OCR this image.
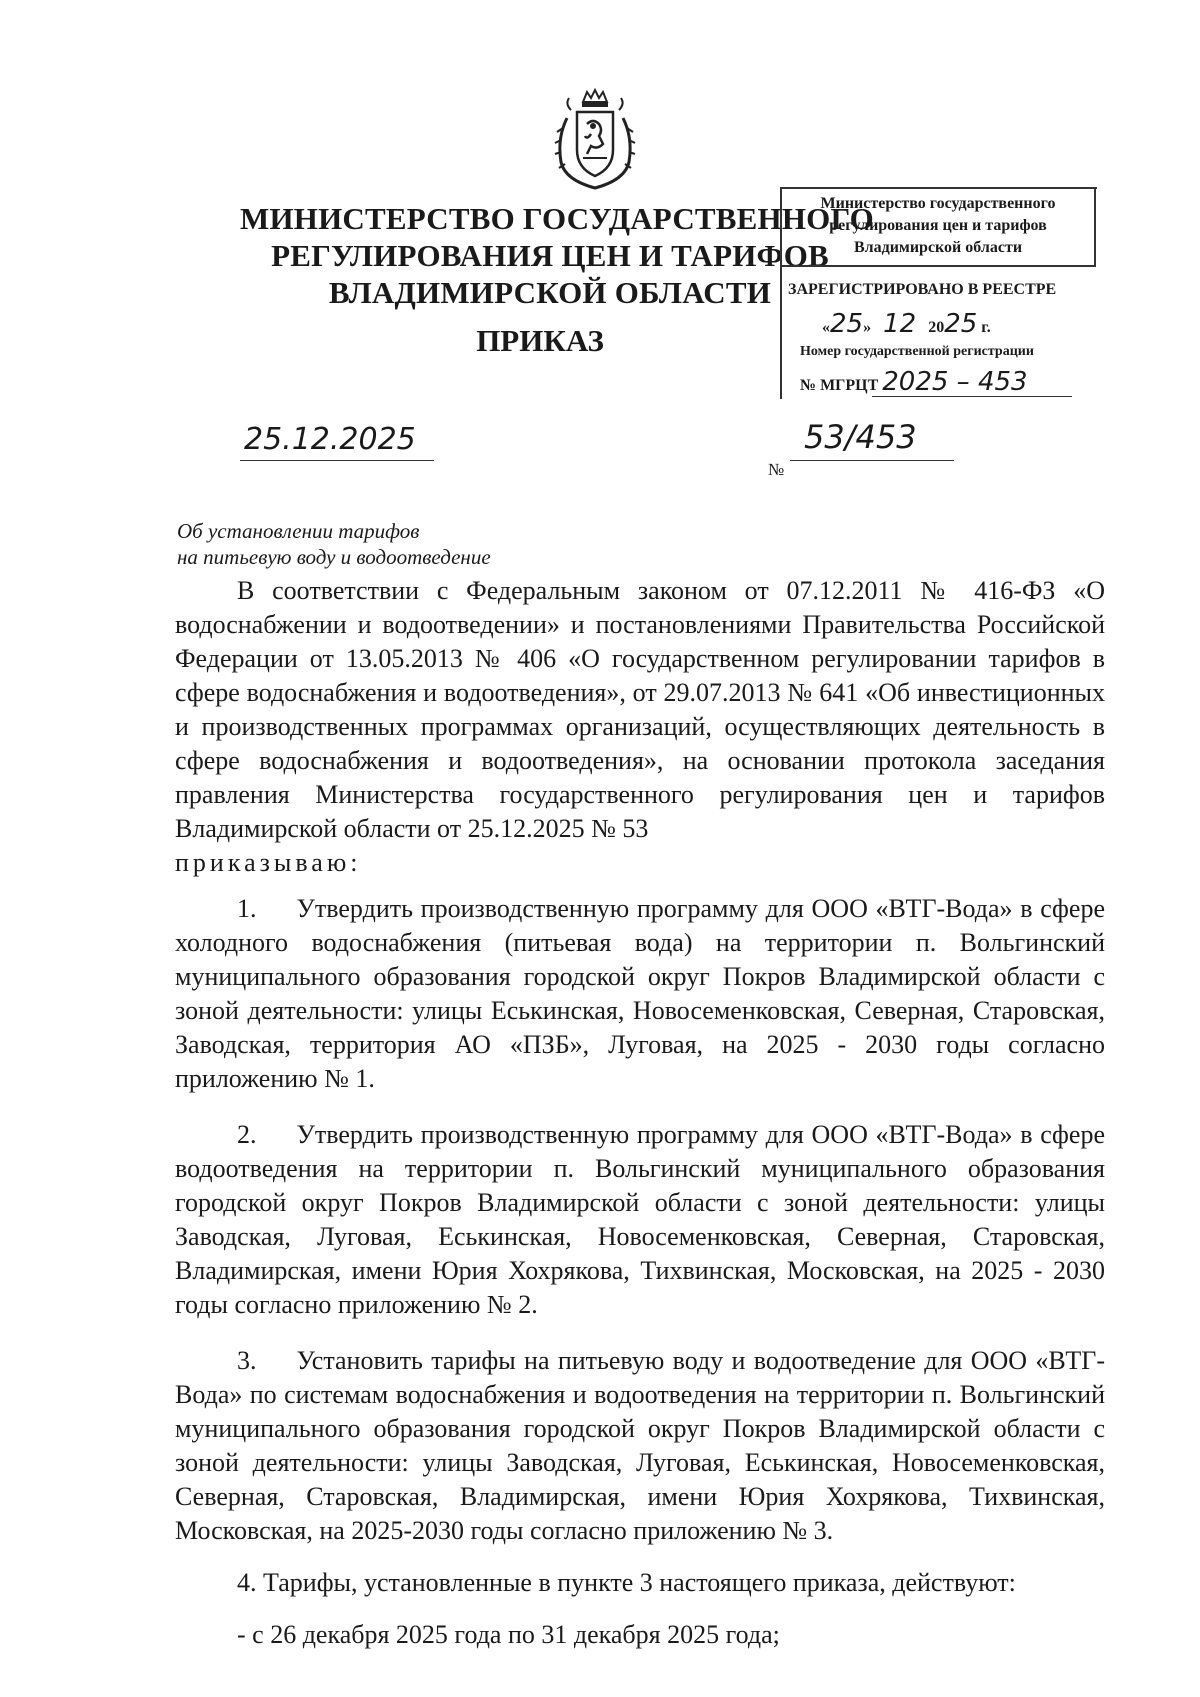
МИНИСТЕРСТВО ГОСУДАРСТВЕННОГО
РЕГУЛИРОВАНИЯ ЦЕН И ТАРИФОВ
ВЛАДИМИРСКОЙ ОБЛАСТИ
ПРИКАЗ
Министерство государственного
регулирования цен и тарифов
Владимирской области
ЗАРЕГИСТРИРОВАНО В РЕЕСТРЕ
«25»   12 2025 г.
Номер государственной регистрации
№ МГРЦТ 2025 – 453
25.12.2025
№
53/453
Об установлении тарифов
на питьевую воду и водоотведение

В соответствии с Федеральным законом от 07.12.2011 № 416-ФЗ «О водоснабжении и водоотведении» и постановлениями Правительства Российской Федерации от 13.05.2013 № 406 «О государственном регулировании тарифов в сфере водоснабжения и водоотведения», от 29.07.2013 № 641 «Об инвестиционных и производственных программах организаций, осуществляющих деятельность в сфере водоснабжения и водоотведения», на основании протокола заседания правления Министерства государственного регулирования цен и тарифов Владимирской области от 25.12.2025 № 53

приказываю:

1. Утвердить производственную программу для ООО «ВТГ-Вода» в сфере холодного водоснабжения (питьевая вода) на территории п. Вольгинский муниципального образования городской округ Покров Владимирской области с зоной деятельности: улицы Еськинская, Новосеменковская, Северная, Старовская, Заводская, территория АО «ПЗБ», Луговая, на 2025 - 2030 годы согласно приложению № 1.

2. Утвердить производственную программу для ООО «ВТГ-Вода» в сфере водоотведения на территории п. Вольгинский муниципального образования городской округ Покров Владимирской области с зоной деятельности: улицы Заводская, Луговая, Еськинская, Новосеменковская, Северная, Старовская, Владимирская, имени Юрия Хохрякова, Тихвинская, Московская, на 2025 - 2030 годы согласно приложению № 2.

3. Установить тарифы на питьевую воду и водоотведение для ООО «ВТГ-Вода» по системам водоснабжения и водоотведения на территории п. Вольгинский муниципального образования городской округ Покров Владимирской области с зоной деятельности: улицы Заводская, Луговая, Еськинская, Новосеменковская, Северная, Старовская, Владимирская, имени Юрия Хохрякова, Тихвинская, Московская, на 2025-2030 годы согласно приложению № 3.

4. Тарифы, установленные в пункте 3 настоящего приказа, действуют:

- с 26 декабря 2025 года по 31 декабря 2025 года;
